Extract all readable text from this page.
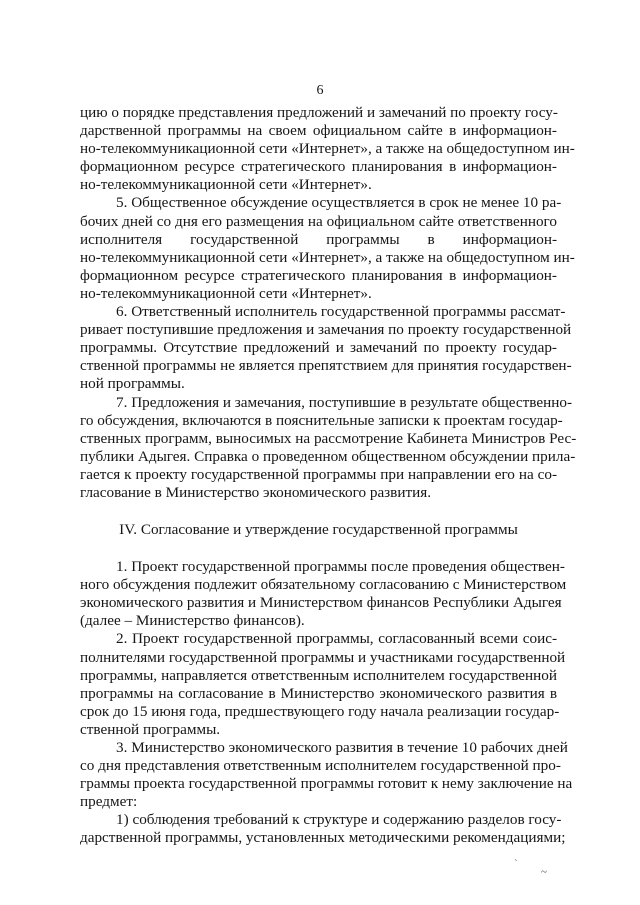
6
цию о порядке представления предложений и замечаний по проекту госу-
дарственной программы на своем официальном сайте в информацион-
но-телекоммуникационной сети «Интернет», а также на общедоступном ин-
формационном ресурсе стратегического планирования в информацион-
но-телекоммуникационной сети «Интернет».
5. Общественное обсуждение осуществляется в срок не менее 10 ра-
бочих дней со дня его размещения на официальном сайте ответственного
исполнителя государственной программы в информацион-
но-телекоммуникационной сети «Интернет», а также на общедоступном ин-
формационном ресурсе стратегического планирования в информацион-
но-телекоммуникационной сети «Интернет».
6. Ответственный исполнитель государственной программы рассмат-
ривает поступившие предложения и замечания по проекту государственной
программы. Отсутствие предложений и замечаний по проекту государ-
ственной программы не является препятствием для принятия государствен-
ной программы.
7. Предложения и замечания, поступившие в результате общественно-
го обсуждения, включаются в пояснительные записки к проектам государ-
ственных программ, выносимых на рассмотрение Кабинета Министров Рес-
публики Адыгея. Справка о проведенном общественном обсуждении прила-
гается к проекту государственной программы при направлении его на со-
гласование в Министерство экономического развития.
IV. Согласование и утверждение государственной программы
1. Проект государственной программы после проведения обществен-
ного обсуждения подлежит обязательному согласованию с Министерством
экономического развития и Министерством финансов Республики Адыгея
(далее – Министерство финансов).
2. Проект государственной программы, согласованный всеми соис-
полнителями государственной программы и участниками государственной
программы, направляется ответственным исполнителем государственной
программы на согласование в Министерство экономического развития в
срок до 15 июня года, предшествующего году начала реализации государ-
ственной программы.
3. Министерство экономического развития в течение 10 рабочих дней
со дня представления ответственным исполнителем государственной про-
граммы проекта государственной программы готовит к нему заключение на
предмет:
1) соблюдения требований к структуре и содержанию разделов госу-
дарственной программы, установленных методическими рекомендациями;
ˋ
~
